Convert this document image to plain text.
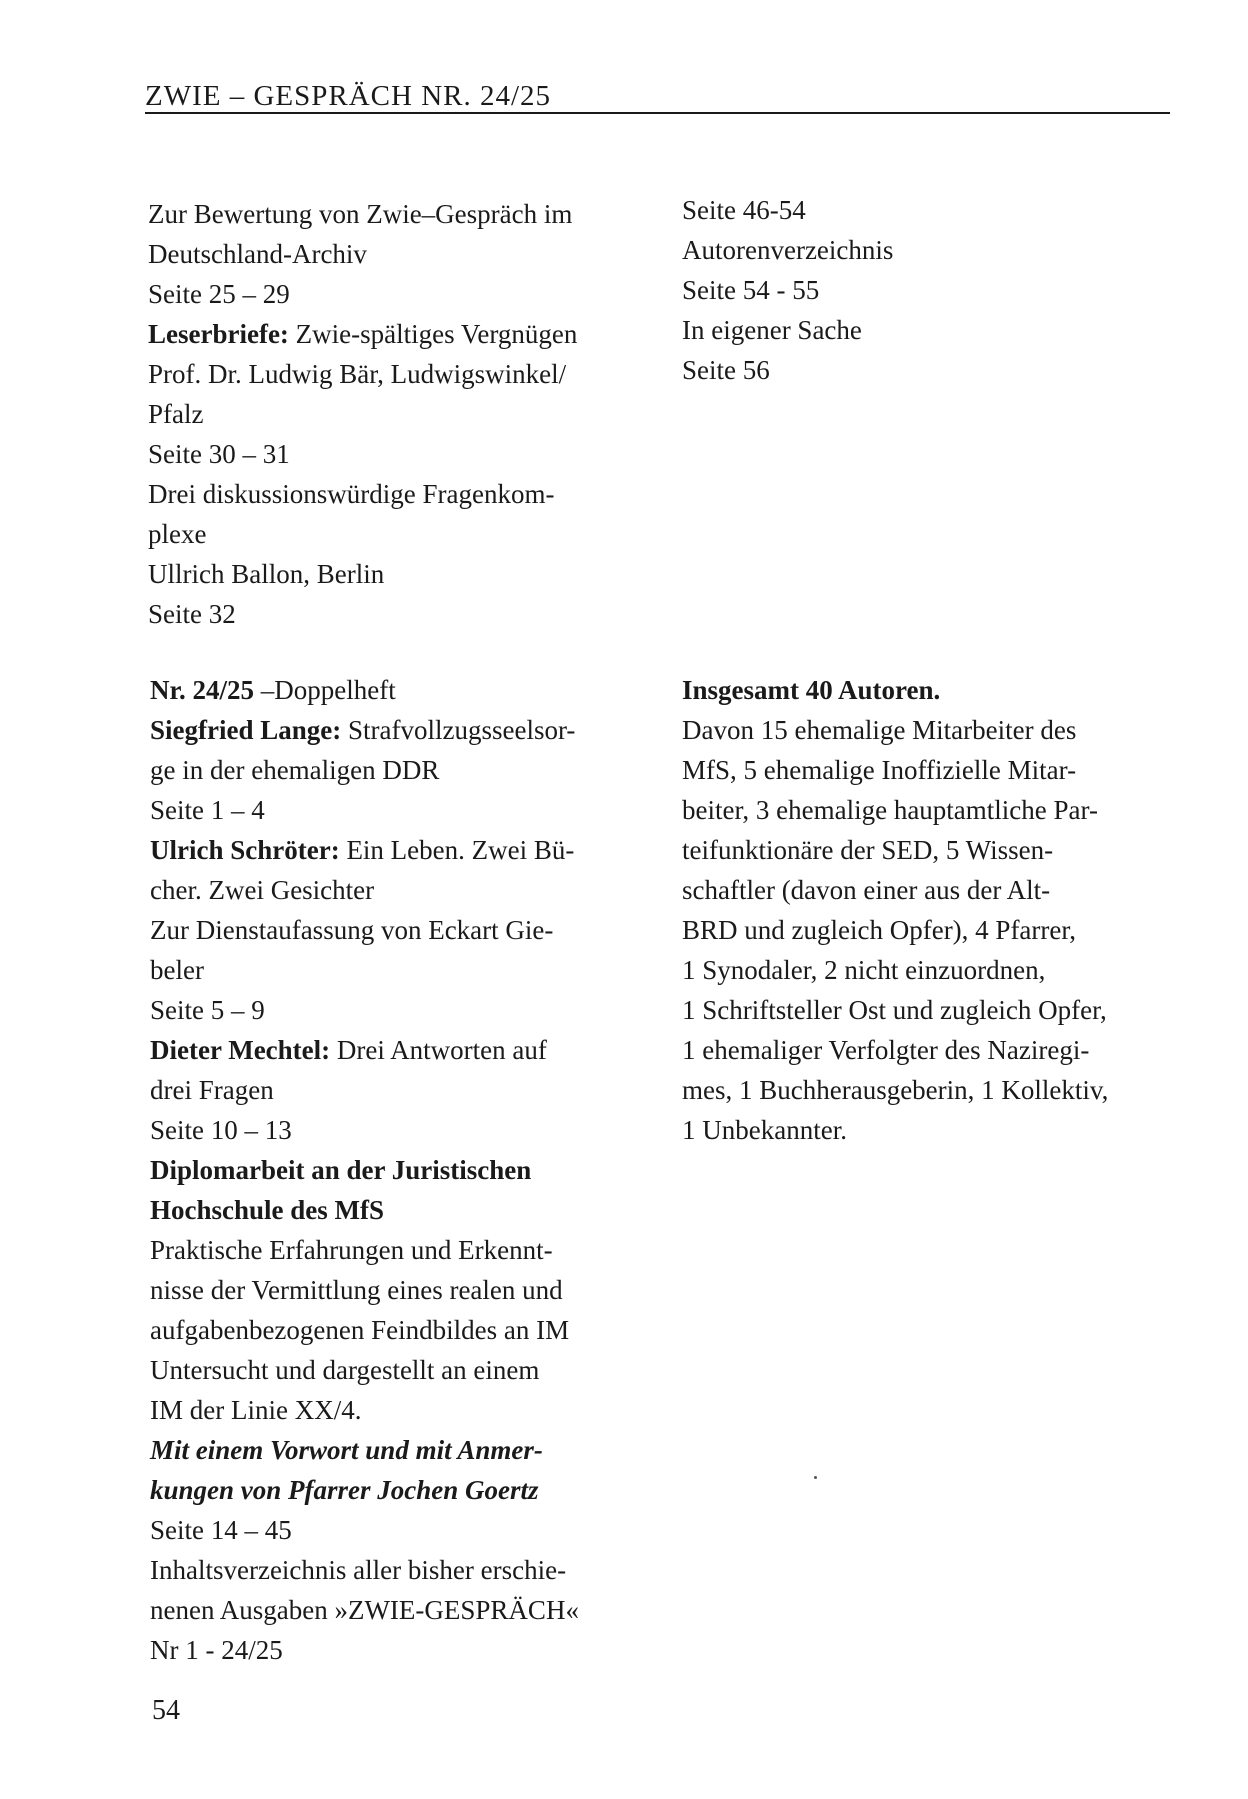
ZWIE – GESPRÄCH NR. 24/25
Zur Bewertung von Zwie–Gespräch im
Deutschland-Archiv
Seite 25 – 29
Leserbriefe: Zwie-spältiges Vergnügen
Prof. Dr. Ludwig Bär, Ludwigswinkel/
Pfalz
Seite 30 – 31
Drei diskussionswürdige Fragenkom-
plexe
Ullrich Ballon, Berlin
Seite 32
Seite 46-54
Autorenverzeichnis
Seite 54 - 55
In eigener Sache
Seite 56
Nr. 24/25 –Doppelheft
Siegfried Lange: Strafvollzugsseelsor-
ge in der ehemaligen DDR
Seite 1 – 4
Ulrich Schröter: Ein Leben. Zwei Bü-
cher. Zwei Gesichter
Zur Dienstaufassung von Eckart Gie-
beler
Seite 5 – 9
Dieter Mechtel: Drei Antworten auf
drei Fragen
Seite 10 – 13
Diplomarbeit an der Juristischen
Hochschule des MfS
Praktische Erfahrungen und Erkennt-
nisse der Vermittlung eines realen und
aufgabenbezogenen Feindbildes an IM
Untersucht und dargestellt an einem
IM der Linie XX/4.
Mit einem Vorwort und mit Anmer-
kungen von Pfarrer Jochen Goertz
Seite 14 – 45
Inhaltsverzeichnis aller bisher erschie-
nenen Ausgaben »ZWIE-GESPRÄCH«
Nr 1 - 24/25
Insgesamt 40 Autoren.
Davon 15 ehemalige Mitarbeiter des
MfS, 5 ehemalige Inoffizielle Mitar-
beiter, 3 ehemalige hauptamtliche Par-
teifunktionäre der SED, 5 Wissen-
schaftler (davon einer aus der Alt-
BRD und zugleich Opfer), 4 Pfarrer,
1 Synodaler, 2 nicht einzuordnen,
1 Schriftsteller Ost und zugleich Opfer,
1 ehemaliger Verfolgter des Naziregi-
mes, 1 Buchherausgeberin, 1 Kollektiv,
1 Unbekannter.
54
